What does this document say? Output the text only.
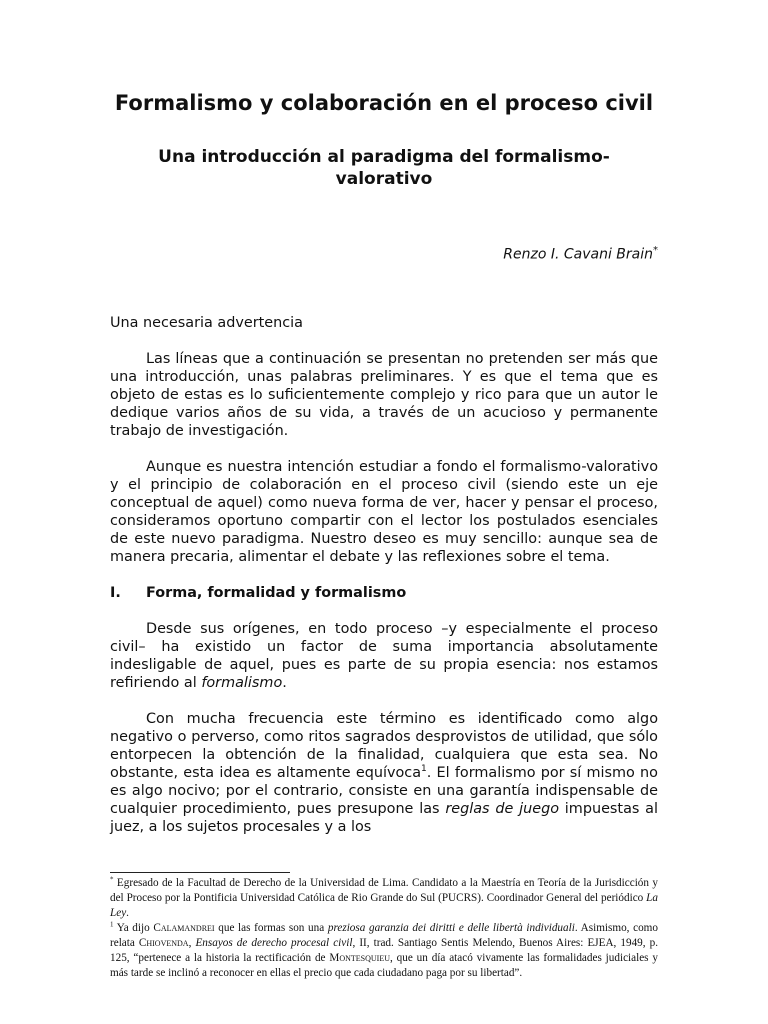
Formalismo y colaboración en el proceso civil
Una introducción al paradigma del formalismo-valorativo
Renzo I. Cavani Brain*

Una necesaria advertencia

Las líneas que a continuación se presentan no pretenden ser más que una introducción, unas palabras preliminares. Y es que el tema que es objeto de estas es lo suficientemente complejo y rico para que un autor le dedique varios años de su vida, a través de un acucioso y permanente trabajo de investigación.

Aunque es nuestra intención estudiar a fondo el formalismo-valorativo y el principio de colaboración en el proceso civil (siendo este un eje conceptual de aquel) como nueva forma de ver, hacer y pensar el proceso, consideramos oportuno compartir con el lector los postulados esenciales de este nuevo paradigma. Nuestro deseo es muy sencillo: aunque sea de manera precaria, alimentar el debate y las reflexiones sobre el tema.

I.	Forma, formalidad y formalismo

Desde sus orígenes, en todo proceso –y especialmente el proceso civil– ha existido un factor de suma importancia absolutamente indesligable de aquel, pues es parte de su propia esencia: nos estamos refiriendo al formalismo.

Con mucha frecuencia este término es identificado como algo negativo o perverso, como ritos sagrados desprovistos de utilidad, que sólo entorpecen la obtención de la finalidad, cualquiera que esta sea. No obstante, esta idea es altamente equívoca$^1$. El formalismo por sí mismo no es algo nocivo; por el contrario, consiste en una garantía indispensable de cualquier procedimiento, pues presupone las reglas de juego impuestas al juez, a los sujetos procesales y a los

* Egresado de la Facultad de Derecho de la Universidad de Lima. Candidato a la Maestría en Teoría de la Jurisdicción y del Proceso por la Pontificia Universidad Católica de Rio Grande do Sul (PUCRS). Coordinador General del periódico La Ley.

$^1$ Ya dijo Calamandrei que las formas son una preziosa garanzia dei diritti e delle libertà individuali. Asimismo, como relata Chiovenda, Ensayos de derecho procesal civil, II, trad. Santiago Sentis Melendo, Buenos Aires: EJEA, 1949, p. 125, “pertenece a la historia la rectificación de Montesquieu, que un día atacó vivamente las formalidades judiciales y más tarde se inclinó a reconocer en ellas el precio que cada ciudadano paga por su libertad”.
